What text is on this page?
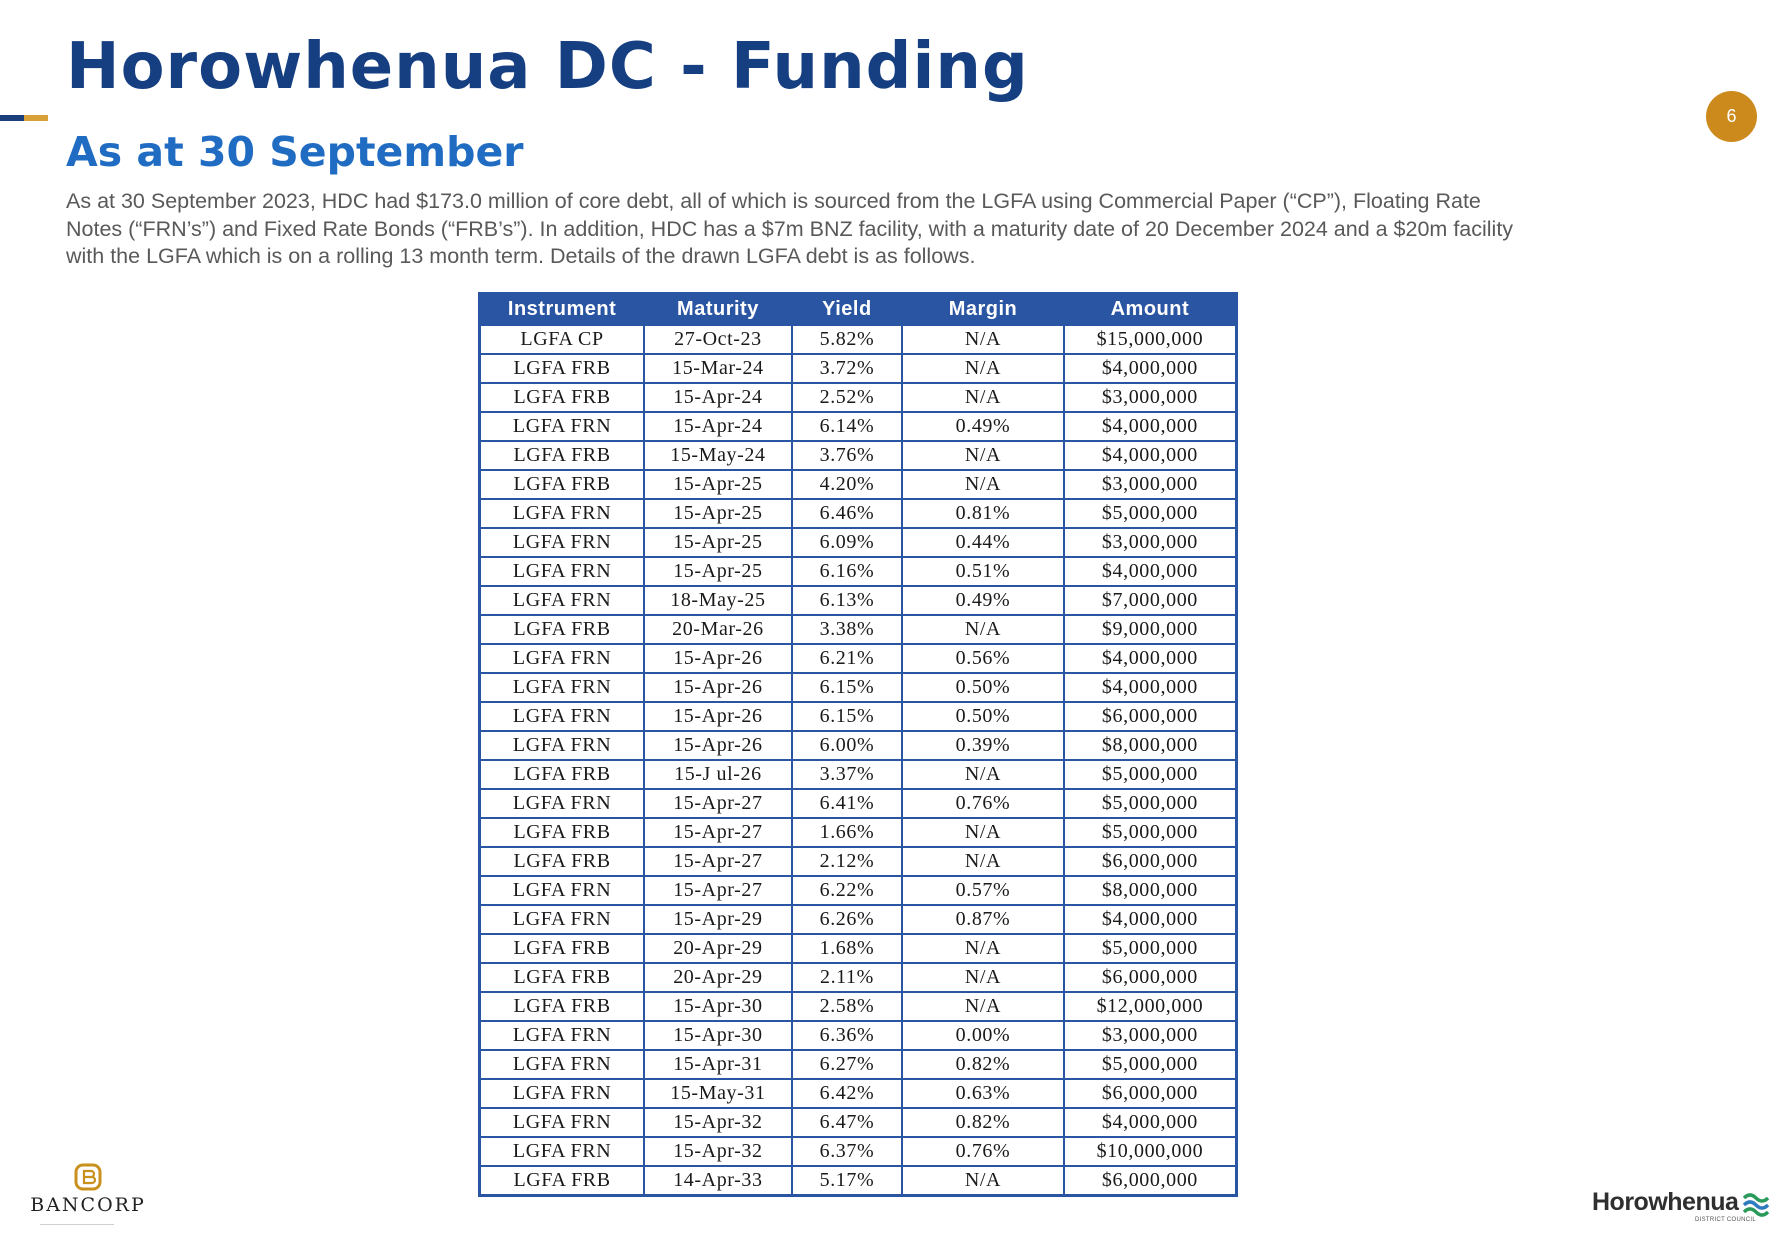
Horowhenua DC - Funding
As at 30 September
6

As at 30 September 2023, HDC had $173.0 million of core debt, all of which is sourced from the LGFA using Commercial Paper (“CP”), Floating Rate
Notes (“FRN’s”) and Fixed Rate Bonds (“FRB’s”). In addition, HDC has a $7m BNZ facility, with a maturity date of 20 December 2024 and a $20m facility
with the LGFA which is on a rolling 13 month term. Details of the drawn LGFA debt is as follows.

Instrument	Maturity	Yield	Margin	Amount
LGFA CP	27-Oct-23	5.82%	N/A	$15,000,000
LGFA FRB	15-Mar-24	3.72%	N/A	$4,000,000
LGFA FRB	15-Apr-24	2.52%	N/A	$3,000,000
LGFA FRN	15-Apr-24	6.14%	0.49%	$4,000,000
LGFA FRB	15-May-24	3.76%	N/A	$4,000,000
LGFA FRB	15-Apr-25	4.20%	N/A	$3,000,000
LGFA FRN	15-Apr-25	6.46%	0.81%	$5,000,000
LGFA FRN	15-Apr-25	6.09%	0.44%	$3,000,000
LGFA FRN	15-Apr-25	6.16%	0.51%	$4,000,000
LGFA FRN	18-May-25	6.13%	0.49%	$7,000,000
LGFA FRB	20-Mar-26	3.38%	N/A	$9,000,000
LGFA FRN	15-Apr-26	6.21%	0.56%	$4,000,000
LGFA FRN	15-Apr-26	6.15%	0.50%	$4,000,000
LGFA FRN	15-Apr-26	6.15%	0.50%	$6,000,000
LGFA FRN	15-Apr-26	6.00%	0.39%	$8,000,000
LGFA FRB	15-J ul-26	3.37%	N/A	$5,000,000
LGFA FRN	15-Apr-27	6.41%	0.76%	$5,000,000
LGFA FRB	15-Apr-27	1.66%	N/A	$5,000,000
LGFA FRB	15-Apr-27	2.12%	N/A	$6,000,000
LGFA FRN	15-Apr-27	6.22%	0.57%	$8,000,000
LGFA FRN	15-Apr-29	6.26%	0.87%	$4,000,000
LGFA FRB	20-Apr-29	1.68%	N/A	$5,000,000
LGFA FRB	20-Apr-29	2.11%	N/A	$6,000,000
LGFA FRB	15-Apr-30	2.58%	N/A	$12,000,000
LGFA FRN	15-Apr-30	6.36%	0.00%	$3,000,000
LGFA FRN	15-Apr-31	6.27%	0.82%	$5,000,000
LGFA FRN	15-May-31	6.42%	0.63%	$6,000,000
LGFA FRN	15-Apr-32	6.47%	0.82%	$4,000,000
LGFA FRN	15-Apr-32	6.37%	0.76%	$10,000,000
LGFA FRB	14-Apr-33	5.17%	N/A	$6,000,000
BANCORP	Horowhenua
DISTRICT COUNCIL
